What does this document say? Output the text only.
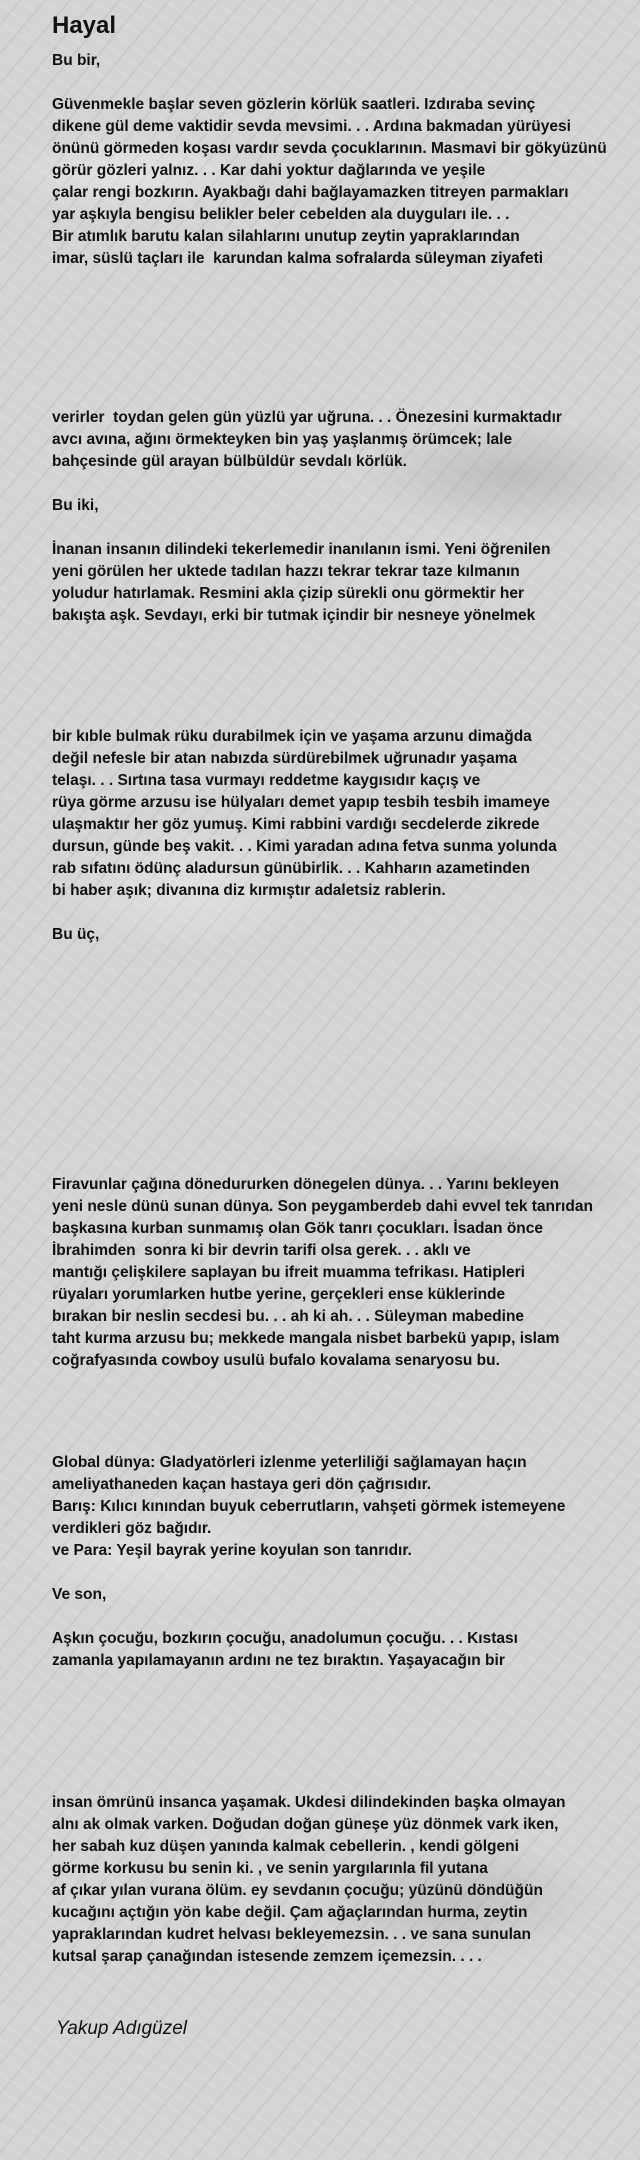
Hayal
Bu bir,
Güvenmekle başlar seven gözlerin körlük saatleri. Izdıraba sevinç
dikene gül deme vaktidir sevda mevsimi. . . Ardına bakmadan yürüyesi
önünü görmeden koşası vardır sevda çocuklarının. Masmavi bir gökyüzünü
görür gözleri yalnız. . . Kar dahi yoktur dağlarında ve yeşile
çalar rengi bozkırın. Ayakbağı dahi bağlayamazken titreyen parmakları
yar aşkıyla bengisu belikler beler cebelden ala duyguları ile. . .
Bir atımlık barutu kalan silahlarını unutup zeytin yapraklarından
imar, süslü taçları ile  karundan kalma sofralarda süleyman ziyafeti
verirler  toydan gelen gün yüzlü yar uğruna. . . Önezesini kurmaktadır
avcı avına, ağını örmekteyken bin yaş yaşlanmış örümcek; lale
bahçesinde gül arayan bülbüldür sevdalı körlük.
Bu iki,
İnanan insanın dilindeki tekerlemedir inanılanın ismi. Yeni öğrenilen
yeni görülen her uktede tadılan hazzı tekrar tekrar taze kılmanın
yoludur hatırlamak. Resmini akla çizip sürekli onu görmektir her
bakışta aşk. Sevdayı, erki bir tutmak içindir bir nesneye yönelmek
bir kıble bulmak rüku durabilmek için ve yaşama arzunu dimağda
değil nefesle bir atan nabızda sürdürebilmek uğrunadır yaşama
telaşı. . . Sırtına tasa vurmayı reddetme kaygısıdır kaçış ve
rüya görme arzusu ise hülyaları demet yapıp tesbih tesbih imameye
ulaşmaktır her göz yumuş. Kimi rabbini vardığı secdelerde zikrede
dursun, günde beş vakit. . . Kimi yaradan adına fetva sunma yolunda
rab sıfatını ödünç aladursun günübirlik. . . Kahharın azametinden
bi haber aşık; divanına diz kırmıştır adaletsiz rablerin.
Bu üç,
Firavunlar çağına dönedururken dönegelen dünya. . . Yarını bekleyen
yeni nesle dünü sunan dünya. Son peygamberdeb dahi evvel tek tanrıdan
başkasına kurban sunmamış olan Gök tanrı çocukları. İsadan önce
İbrahimden  sonra ki bir devrin tarifi olsa gerek. . . aklı ve
mantığı çelişkilere saplayan bu ifreit muamma tefrikası. Hatipleri
rüyaları yorumlarken hutbe yerine, gerçekleri ense küklerinde
bırakan bir neslin secdesi bu. . . ah ki ah. . . Süleyman mabedine
taht kurma arzusu bu; mekkede mangala nisbet barbekü yapıp, islam
coğrafyasında cowboy usulü bufalo kovalama senaryosu bu.
Global dünya: Gladyatörleri izlenme yeterliliği sağlamayan haçın
ameliyathaneden kaçan hastaya geri dön çağrısıdır.
Barış: Kılıcı kınından buyuk ceberrutların, vahşeti görmek istemeyene
verdikleri göz bağıdır.
ve Para: Yeşil bayrak yerine koyulan son tanrıdır.
Ve son,
Aşkın çocuğu, bozkırın çocuğu, anadolumun çocuğu. . . Kıstası
zamanla yapılamayanın ardını ne tez bıraktın. Yaşayacağın bir
insan ömrünü insanca yaşamak. Ukdesi dilindekinden başka olmayan
alnı ak olmak varken. Doğudan doğan güneşe yüz dönmek vark iken,
her sabah kuz düşen yanında kalmak cebellerin. , kendi gölgeni
görme korkusu bu senin ki. , ve senin yargılarınla fil yutana
af çıkar yılan vurana ölüm. ey sevdanın çocuğu; yüzünü döndüğün
kucağını açtığın yön kabe değil. Çam ağaçlarından hurma, zeytin
yapraklarından kudret helvası bekleyemezsin. . . ve sana sunulan
kutsal şarap çanağından istesende zemzem içemezsin. . . .

Yakup Adıgüzel
